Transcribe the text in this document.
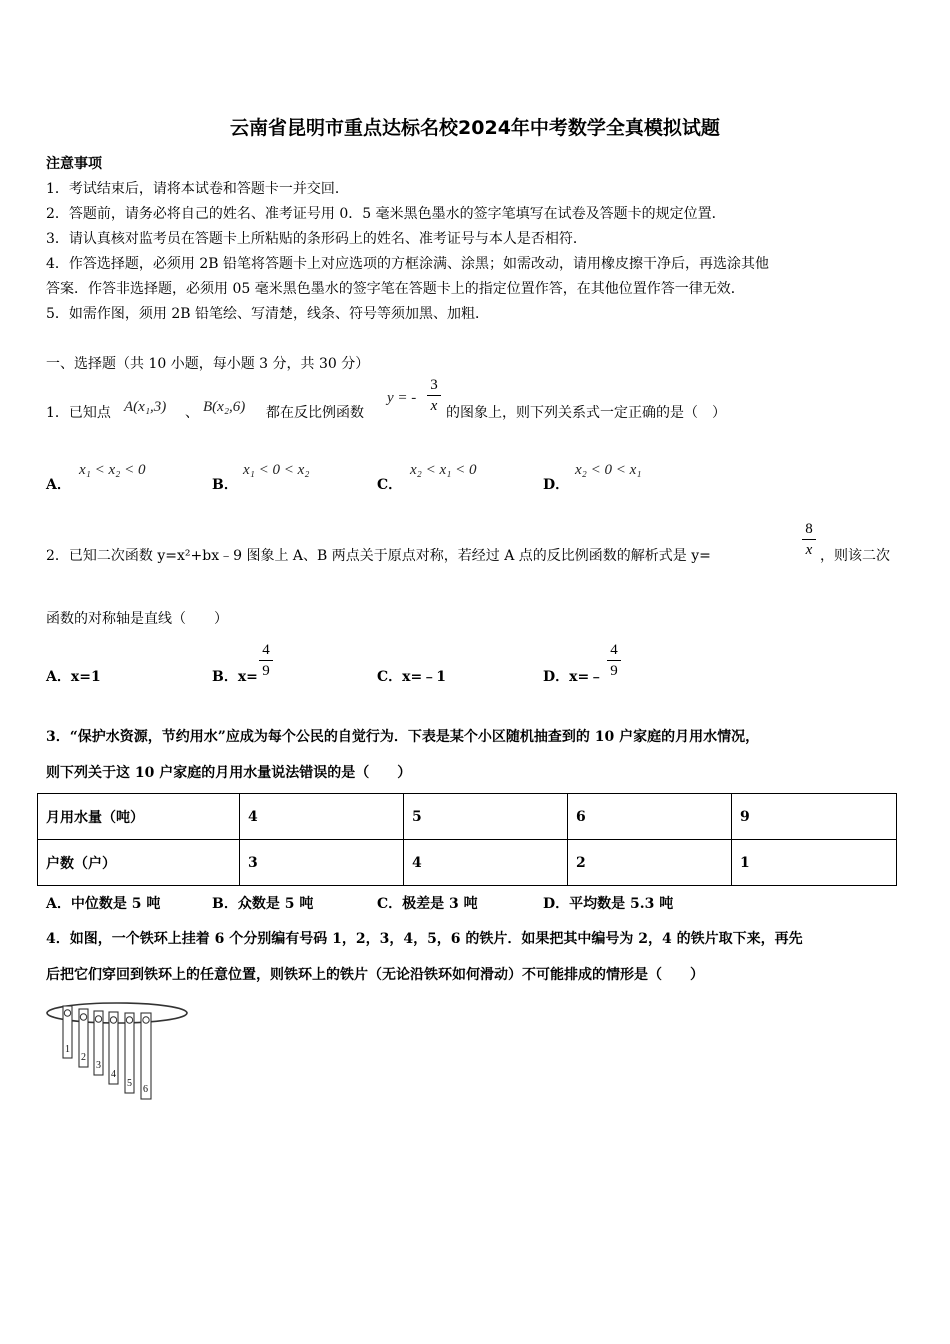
云南省昆明市重点达标名校2024年中考数学全真模拟试题
注意事项
1．考试结束后，请将本试卷和答题卡一并交回．
2．答题前，请务必将自己的姓名、准考证号用 0．5 毫米黑色墨水的签字笔填写在试卷及答题卡的规定位置．
3．请认真核对监考员在答题卡上所粘贴的条形码上的姓名、准考证号与本人是否相符．
4．作答选择题，必须用 2B 铅笔将答题卡上对应选项的方框涂满、涂黑；如需改动，请用橡皮擦干净后，再选涂其他
答案．作答非选择题，必须用 05 毫米黑色墨水的签字笔在答题卡上的指定位置作答，在其他位置作答一律无效．
5．如需作图，须用 2B 铅笔绘、写清楚，线条、符号等须加黑、加粗．
一、选择题（共 10 小题，每小题 3 分，共 30 分）
1．已知点 A(x₁,3) 、 B(x₂,6) 都在反比例函数
y = -
3
x 的图象上，则下列关系式一定正确的是（　）
A．
x₁ < x₂ < 0
B．
x₁ < 0 < x₂
C．
x₂ < x₁ < 0
D．
x₂ < 0 < x₁
2．已知二次函数 y=x²+bx﹣9 图象上 A、B 两点关于原点对称，若经过 A 点的反比例函数的解析式是 y=
8
x ，则该二次
函数的对称轴是直线（　　）
A．x=1	B．x=
4
9	C．x=﹣1	D．x=﹣
4
9
3．“保护水资源，节约用水”应成为每个公民的自觉行为．下表是某个小区随机抽查到的 10 户家庭的月用水情况，
则下列关于这 10 户家庭的月用水量说法错误的是（　　）
月用水量（吨）	4	5	6	9
户数（户）	3	4	2	1
A．中位数是 5 吨	B．众数是 5 吨	C．极差是 3 吨	D．平均数是 5.3 吨
4．如图，一个铁环上挂着 6 个分别编有号码 1，2，3，4，5，6 的铁片．如果把其中编号为 2，4 的铁片取下来，再先
后把它们穿回到铁环上的任意位置，则铁环上的铁片（无论沿铁环如何滑动）不可能排成的情形是（　　）
1
2
3
4
5
6
